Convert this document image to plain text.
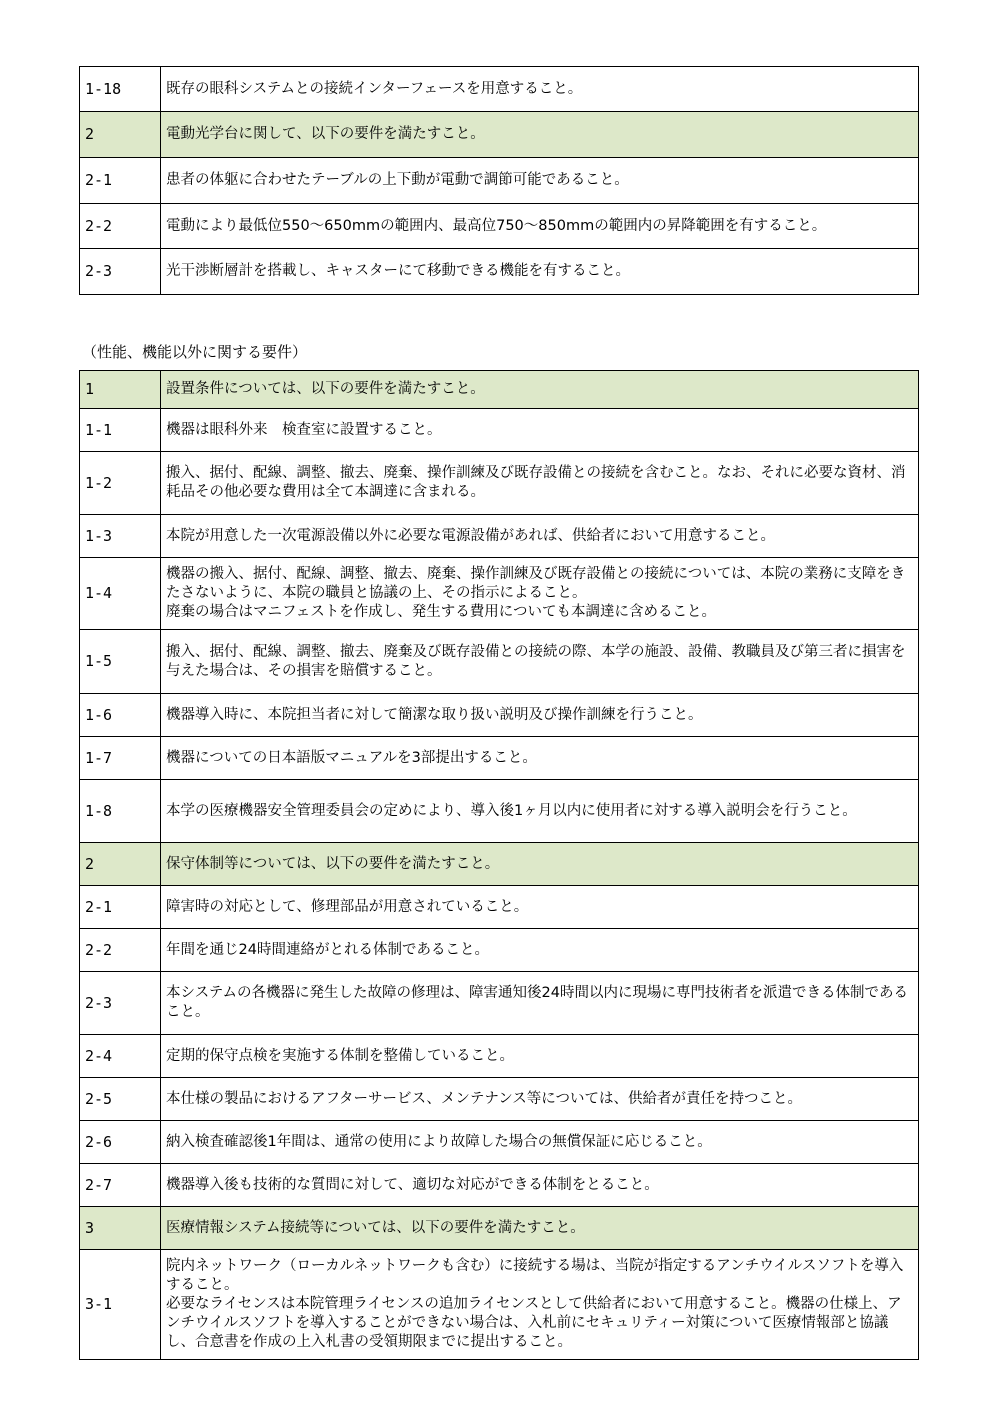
1-18	既存の眼科システムとの接続インターフェースを用意すること。
2	電動光学台に関して、以下の要件を満たすこと。
2-1	患者の体躯に合わせたテーブルの上下動が電動で調節可能であること。
2-2	電動により最低位550～650mmの範囲内、最高位750～850mmの範囲内の昇降範囲を有すること。
2-3	光干渉断層計を搭載し、キャスターにて移動できる機能を有すること。
（性能、機能以外に関する要件）
1	設置条件については、以下の要件を満たすこと。
1-1	機器は眼科外来　検査室に設置すること。
1-2	搬入、据付、配線、調整、撤去、廃棄、操作訓練及び既存設備との接続を含むこと。なお、それに必要な資材、消耗品その他必要な費用は全て本調達に含まれる。
1-3	本院が用意した一次電源設備以外に必要な電源設備があれば、供給者において用意すること。
1-4	機器の搬入、据付、配線、調整、撤去、廃棄、操作訓練及び既存設備との接続については、本院の業務に支障をきたさないように、本院の職員と協議の上、その指示によること。
廃棄の場合はマニフェストを作成し、発生する費用についても本調達に含めること。
1-5	搬入、据付、配線、調整、撤去、廃棄及び既存設備との接続の際、本学の施設、設備、教職員及び第三者に損害を与えた場合は、その損害を賠償すること。
1-6	機器導入時に、本院担当者に対して簡潔な取り扱い説明及び操作訓練を行うこと。
1-7	機器についての日本語版マニュアルを3部提出すること。
1-8	本学の医療機器安全管理委員会の定めにより、導入後1ヶ月以内に使用者に対する導入説明会を行うこと。
2	保守体制等については、以下の要件を満たすこと。
2-1	障害時の対応として、修理部品が用意されていること。
2-2	年間を通じ24時間連絡がとれる体制であること。
2-3	本システムの各機器に発生した故障の修理は、障害通知後24時間以内に現場に専門技術者を派遣できる体制であること。
2-4	定期的保守点検を実施する体制を整備していること。
2-5	本仕様の製品におけるアフターサービス、メンテナンス等については、供給者が責任を持つこと。
2-6	納入検査確認後1年間は、通常の使用により故障した場合の無償保証に応じること。
2-7	機器導入後も技術的な質問に対して、適切な対応ができる体制をとること。
3	医療情報システム接続等については、以下の要件を満たすこと。
3-1	院内ネットワーク（ローカルネットワークも含む）に接続する場は、当院が指定するアンチウイルスソフトを導入すること。
必要なライセンスは本院管理ライセンスの追加ライセンスとして供給者において用意すること。機器の仕様上、アンチウイルスソフトを導入することができない場合は、入札前にセキュリティー対策について医療情報部と協議し、合意書を作成の上入札書の受領期限までに提出すること。
